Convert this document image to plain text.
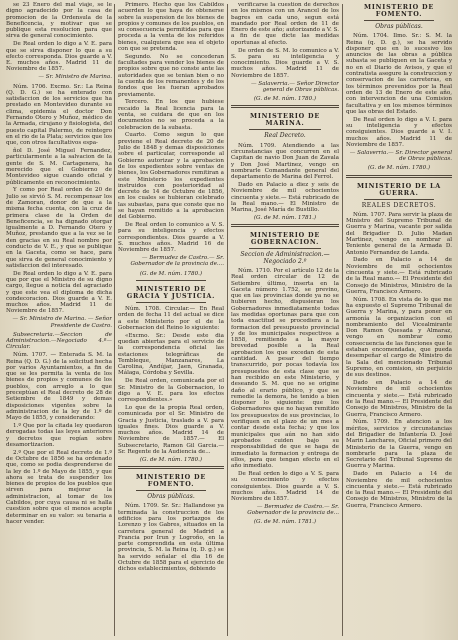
se 23 Enero del mal viaje, se le digno agradecido por la casa de promocion de la Ordensula de la Beneficencia, y motivar que se publique esta resolucion para que sirva de general conocimiento.

De Real orden lo digo a V. E. para que se sirva disponer lo que a su efecto corresponda. Dios guarde a V. E. muchos años. Madrid 11 de Noviembre de 1857.

— Sr. Ministro de Marina.

Núm. 1706. Excmo. Sr.: La Reina (Q. D. G.) se ha enterado con satisfaccion de los servicios que ha prestado en Montevideo durante su clima, epidemia el doctor Don Fernando Otero y Muñoz, médico de la Armada, cirujano y fisiologista, del puesto capital Palermo, de reintegro en el rio de la Plata; servicios que los que, con otros facultativos espa-

ñol D. José Miguel Fernandez, particularmente a la salvacion de la gente de S. M. Cartagenera, ha merecido que el Gobierno de Montevideo sigue cuando oficial y públicamente en reconocimiento.

Y como por Real orden de 20 de Julio se sirvió S. M. recompensar los de Zamoran, donor de que a la misma fecha cuenta, con la cruz de primera clase de la Orden de Beneficencia, se ha dignado otorgar igualmente a D. Fernando Otero y Muñoz, prestando que a la vez se le den gracias en su Real nombre por conducto de V. E., y que se publique en la Gaceta, como se hace, para que sirva de general conocimiento y satisfaccion del interesado.

De Real orden lo digo a V. E. para que por que el Ministro de su digno cargo, llegue a noticia del agraciado y que este vea el diploma de dicha condecoracion. Dios guarde a V. E. muchos años. Madrid 11 de Noviembre de 1857.

— Sr. Ministro de Marina. — Señor Presidente de Castro.

Subsecretaria.—Seccion de Administracion.—Negociado 4.º—Circular.

Núm. 1707. — Enterada S. M. la Reina (Q. D. G.) de la solicitud hecha por varios Ayuntamientos, a fin de que se les permita la venta de los bienes de propios y comunes de los pueblos, con arreglo a lo que preceptúan el Real decreto de 28 de Setiembre de 1849 y demas disposiciones vigentes sobre la administracion de la ley de 1.º de Mayo de 1855, y considerando:

1.º Que por la citada ley quedaron derogadas todas las leyes anteriores y decretos que regían sobre desamortizacion.

2.º Que por el Real decreto de 1.º de Octubre de 1856 se ha ordenado que, como se podia desprenderse de la ley de 1.º de Mayo de 1855, y que ahora se trata de suspender los bienes de propios de los pueblos que sirven para mejorar la administracion, al tomar de los Cabildos, por cuya causa ni se halla cuestion sobre que el menos acepte determinar en su valor: su tenaria a hacer vender.

Primero. Hecho que los Cabildos acuerden lo que haya de obtenerse sobre la suspension de los bienes de propios y comunes de los pueblos, en su consecuencia permitidas para que proceda a la venta de los referidos bienes, cualquiera que sea el objeto con que se pretenda.

Segundo. No se concederan facultades para vender los bienes de propios sobre que no conste ante las autoridades que se tenian bien o no la cuenta de los remanentes y de los fondos que les fueran aprobados previamente.

Tercero. En los que hubiese recaido la Real licencia para la venta, se cuidara de que en los documentos no se proceda a la celebracion de la subasta.

Cuarto. Como segun lo que previene el Real decreto de 20 de Julio de 1848 y demas disposiciones sobre el particular, corresponde al Gobierno autorizar y la aprobacion de los expedientes sobre ventas de bienes, los Gobernadores remitiran a este Ministerio los expedientes instruidos con posterioridad al decreto de 14 de Octubre de 1856, en los cuales se hubieran celebrado las subastas, para que conste que no se hayan remitido a la aprobacion del Gobierno.

De Real orden lo comunico a V. S. para su inteligencia y efectos correspondientes. Dios guarde a V. S. muchos años. Madrid 16 de Noviembre de 1857.

— Bermudez de Castro.— Sr. Gobernador de la provincia de....

(G. de M. núm. 1780.)

MINISTERIO DE GRACIA Y JUSTICIA.

Núm. 1708. Circular.— En Real orden de fecha 11 del actual se dice a este Ministerio por el de la Gobernacion del Reino lo siguiente:

«Excmo. Sr.: Desde este dia quedan abiertas para el servicio de la correspondencia oficial las estaciones telegráficas de Tembleque, Manzanares, La Carolina, Andújar, Jaen, Granada, Málaga, Córdoba y Sevilla.

De Real orden, comunicada por el Sr. Ministro de la Gobernacion, lo digo a V. E. para los efectos correspondientes.»

Lo que de la propia Real orden, comunicada por el Sr. Ministro de Gracia y Justicia, traslado a V. para iguales fines. Dios guarde a V. muchos años. Madrid 14 de Noviembre de 1857.— El Subsecretario, Ramon Gil Garcia.— Sr. Regente de la Audiencia de...

(G. de M. núm. 1780.)

MINISTERIO DE FOMENTO.
Obras públicas.

Núm. 1709. Sr. Sr.: Hallandose ya terminada la construccion de los edificios para los portazgos de Lorenzo y los Gabres, situados en la carretera general de Madrid a Francia por Irun y Logroño, en la parte comprendida en esta última provincia, S. M. la Reina (q. D. g.) se ha servido señalar el dia 16 de Octubre de 1858 para el ejercicio de dichos establecimientos, debiendo

verificarse la cuestion de derechos en los mismos con un Arancel de los bagres en cada uno, segun está mandado por Real orden de 11 de Enero de este año; autorizando a V. S. a fin de que dicte las medidas oportunas al efecto.

De orden de S. M. lo comunico a V. S. para su inteligencia y conocimiento. Dios guarde a V. S. muchos años. Madrid 11 de Noviembre de 1857.

— Salaverria.— Señor Director general de Obras públicas.

(G. de M. núm. 1780.)

MINISTERIO DE MARINA.
Real Decreto.

Núm. 1709. Atendiendo a las circunstancias que concurren en el Capitan de navío Don Juan de Zavala y Don José Martinez, vengo en nombrarle Comandante general del departamento de Marina del Ferrol.

Dado en Palacio a diez y seis de Noviembre de mil ochocientos cincuenta y siete.— Está rubricado de la Real mano.— El Ministro de Marina, José María de Bustillo.

(G. de M. núm. 1781.)

MINISTERIO DE GOBERNACION.
Seccion de Administracion.— Negociado 2.º

Núm. 1710. Por el artículo 12 de la Real orden circular de 12 de Setiembre último, inserta en la Gaceta número 1.752, se previno, que en las provincias donde ya no se hubieren hecho, dispusieran los Gobernadores inmediatamente todas las medidas oportunas para que con toda exactitud se procediera a la formacion del presupuesto provincial y de los municipales respectivos a 1858, remitiendo a la mayor brevedad posible a la Real aprobacion los que excedan de esta cantidad. A pesar del tiempo transcurrido, por pocas todavía los presupuestos de esta clase que se han recibido en este Ministerio, y deseando S. M. que no se origine daño al erario público, y que se remedie la demora, he tenido a bien disponer lo siguiente: que los Gobernadores que no hayan remitido los presupuestos de sus provincias, lo verifiquen en el plazo de un mes a contar desde esta fecha; y que los municipales que aún no han sido aprobados cuiden bajo su responsabilidad de que se haga de inmediato la formacion y entrega de ellos, para que tengan efecto en el año inmediato.

De Real orden lo digo a V. S. para su conocimiento y efectos consiguientes. Dios guarde a V. S. muchos años. Madrid 14 de Noviembre de 1857.

— Bermudez de Castro.— Sr. Gobernador de la provincia de...

(G. de M. núm. 1781.)

MINISTERIO DE FOMENTO.
Obras públicas.

Núm. 1704. Ilmo. Sr.: S. M. la Reina (q. D. g.), se ha servido disponer que en lo sucesivo los anuncios de las obras a pública subasta se publiquen en la Gaceta y no en el Diario de Avisos, y que el contratista asegure la construccion y conservacion de las carreteras, en los términos prevenidos por la Real orden de 13 de Enero de este año, con intervencion de una Comision facultativa y en los mismos términos que las obras del Estado.

De Real orden lo digo a V. I. para su inteligencia y efectos consiguientes. Dios guarde a V. I. muchos años. Madrid 11 de Noviembre de 1857.

— Salaverria.— Sr. Director general de Obras públicas.

(G. de M. núm. 1780.)

MINISTERIO DE LA GUERRA.
REALES DECRETOS.

Núm. 1707. Para servir la plaza de Ministro del Supremo Tribunal de Guerra y Marina, vacante por salida del Brigadier D. Julio Madan Martinez, vengo en nombrar al Teniente general de la Armada D. Antonio Fernandez de Landa.

Dado en Palacio a 14 de Noviembre de mil ochocientos cincuenta y siete.— Está rubricado de la Real mano.— El Presidente del Consejo de Ministros, Ministro de la Guerra, Francisco Armero.

Núm. 1708. En vista de lo que me ha expuesto el Supremo Tribunal de Guerra y Marina, y para poner en armonía la organizacion con el nombramiento del Vicealmirante Don Ramon Quesada y Almaraz, vengo en nombrar como consecuencia de las funciones que le estaban encomendadas, que pueda desempeñar el cargo de Ministro de la Sala del mencionado Tribunal Supremo, en comision, sin perjuicio de sus destinos.

Dado en Palacio a 14 de Noviembre de mil ochocientos cincuenta y siete.— Está rubricado de la Real mano.— El Presidente del Consejo de Ministros, Ministro de la Guerra, Francisco Armero.

Núm. 1709. En atencion a los méritos, servicios y circunstancias del Brigadier de Infantería D. José Marin Lanchares, Oficial primero del Ministerio de la Guerra, vengo en nombrarle para la plaza de Secretario del Tribunal Supremo de Guerra y Marina.

Dado en Palacio a 14 de Noviembre de mil ochocientos cincuenta y siete.— Está rubricado de la Real mano.— El Presidente del Consejo de Ministros, Ministro de la Guerra, Francisco Armero.
